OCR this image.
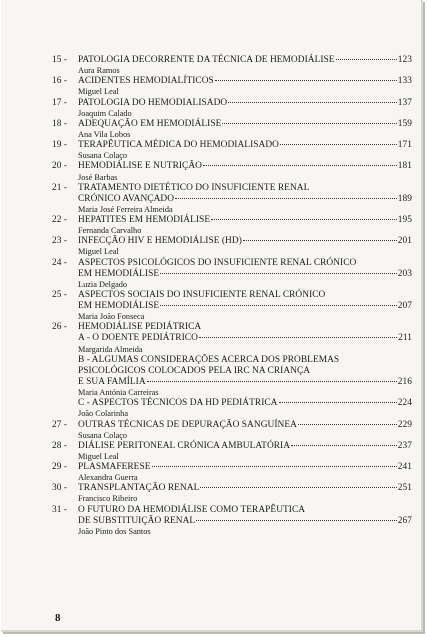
15 -	PATOLOGIA DECORRENTE DA TÉCNICA DE HEMODIÁLISE	123
Aura Ramos
16 -	ACIDENTES HEMODIALÍTICOS	133
Miguel Leal
17 -	PATOLOGIA DO HEMODIALISADO	137
Joaquim Calado
18 -	ADEQUAÇÃO EM HEMODIÁLISE	159
Ana Vila Lobos
19 -	TERAPÊUTICA MÉDICA DO HEMODIALISADO	171
Susana Colaço
20 -	HEMODIÁLISE E NUTRIÇÃO	181
José Barbas
21 -	TRATAMENTO DIETÉTICO DO INSUFICIENTE RENAL
CRÓNICO AVANÇADO	189
Maria José Ferreira Almeida
22 -	HEPATITES EM HEMODIÁLISE	195
Fernanda Carvalho
23 -	INFECÇÃO HIV E HEMODIÁLISE (HD)	201
Miguel Leal
24 -	ASPECTOS PSICOLÓGICOS DO INSUFICIENTE RENAL CRÓNICO
EM HEMODIÁLISE	203
Luzia Delgado
25 -	ASPECTOS SOCIAIS DO INSUFICIENTE RENAL CRÓNICO
EM HEMODIÁLISE	207
Maria João Fonseca
26 -	HEMODIÁLISE PEDIÁTRICA
A - O DOENTE PEDIÁTRICO	211
Margarida Almeida
B - ALGUMAS CONSIDERAÇÕES ACERCA DOS PROBLEMAS
PSICOLÓGICOS COLOCADOS PELA IRC NA CRIANÇA
E SUA FAMÍLIA	216
Maria Antónia Carreiras
C - ASPECTOS TÉCNICOS DA HD PEDIÁTRICA	224
João Colarinha
27 -	OUTRAS TÉCNICAS DE DEPURAÇÃO SANGUÍNEA	229
Susana Colaço
28 -	DIÁLISE PERITONEAL CRÓNICA AMBULATÓRIA	237
Miguel Leal
29 -	PLASMAFERESE	241
Alexandra Guerra
30 -	TRANSPLANTAÇÃO RENAL	251
Francisco Ribeiro
31 -	O FUTURO DA HEMODIÁLISE COMO TERAPÊUTICA
DE SUBSTITUIÇÃO RENAL	267
João Pinto dos Santos
8
